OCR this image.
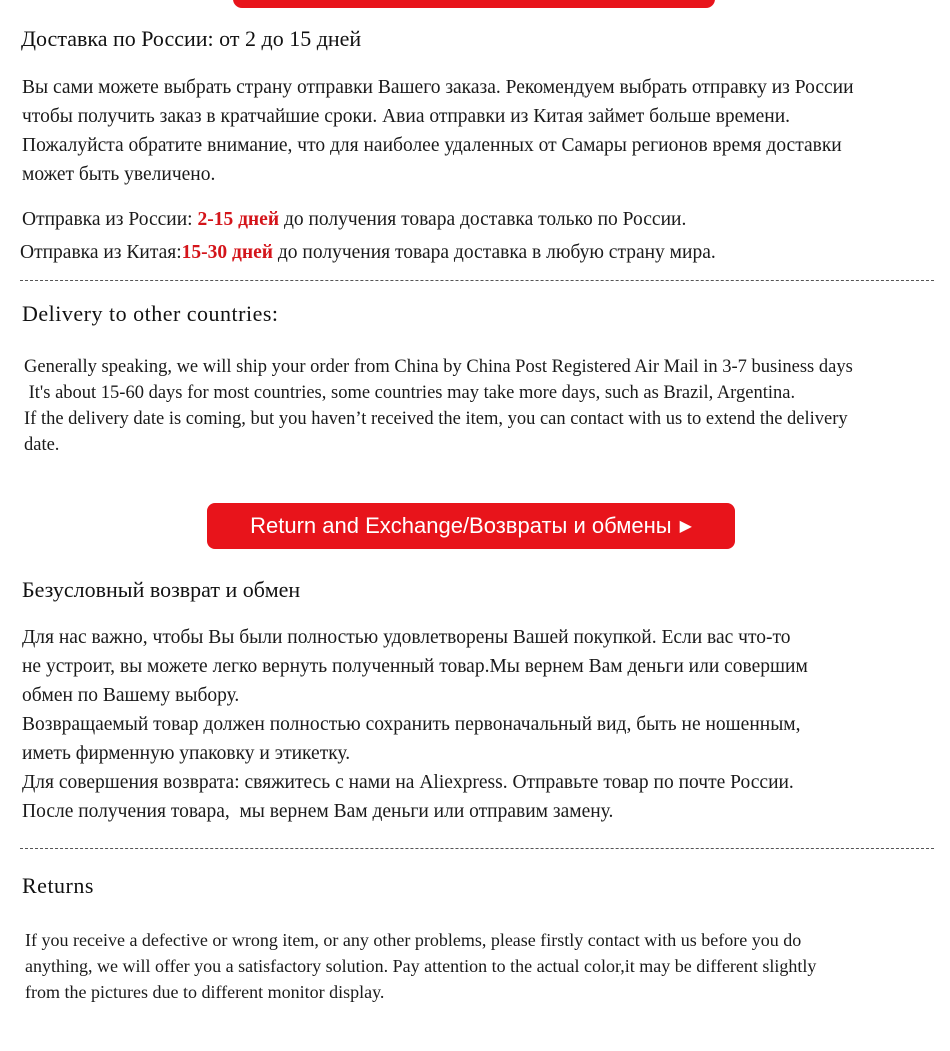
Доставка по России: от 2 до 15 дней
Вы сами можете выбрать страну отправки Вашего заказа. Рекомендуем выбрать отправку из России
чтобы получить заказ в кратчайшие сроки. Авиа отправки из Китая займет больше времени.
Пожалуйста обратите внимание, что для наиболее удаленных от Самары регионов время доставки
может быть увеличено.
Отправка из России: 2-15 дней до получения товара доставка только по России.
Отправка из Китая:15-30 дней до получения товара доставка в любую страну мира.
Delivery to other countries:
Generally speaking, we will ship your order from China by China Post Registered Air Mail in 3-7 business days
It's about 15-60 days for most countries, some countries may take more days, such as Brazil, Argentina.
If the delivery date is coming, but you haven’t received the item, you can contact with us to extend the delivery
date.
Return and Exchange/Возвраты и обмены ▶
Безусловный возврат и обмен
Для нас важно, чтобы Вы были полностью удовлетворены Вашей покупкой. Если вас что-то
не устроит, вы можете легко вернуть полученный товар.Мы вернем Вам деньги или совершим
обмен по Вашему выбору.
Возвращаемый товар должен полностью сохранить первоначальный вид, быть не ношенным,
иметь фирменную упаковку и этикетку.
Для совершения возврата: свяжитесь с нами на Aliexpress. Отправьте товар по почте России.
После получения товара,  мы вернем Вам деньги или отправим замену.
Returns
If you receive a defective or wrong item, or any other problems, please firstly contact with us before you do
anything, we will offer you a satisfactory solution. Pay attention to the actual color,it may be different slightly
from the pictures due to different monitor display.
